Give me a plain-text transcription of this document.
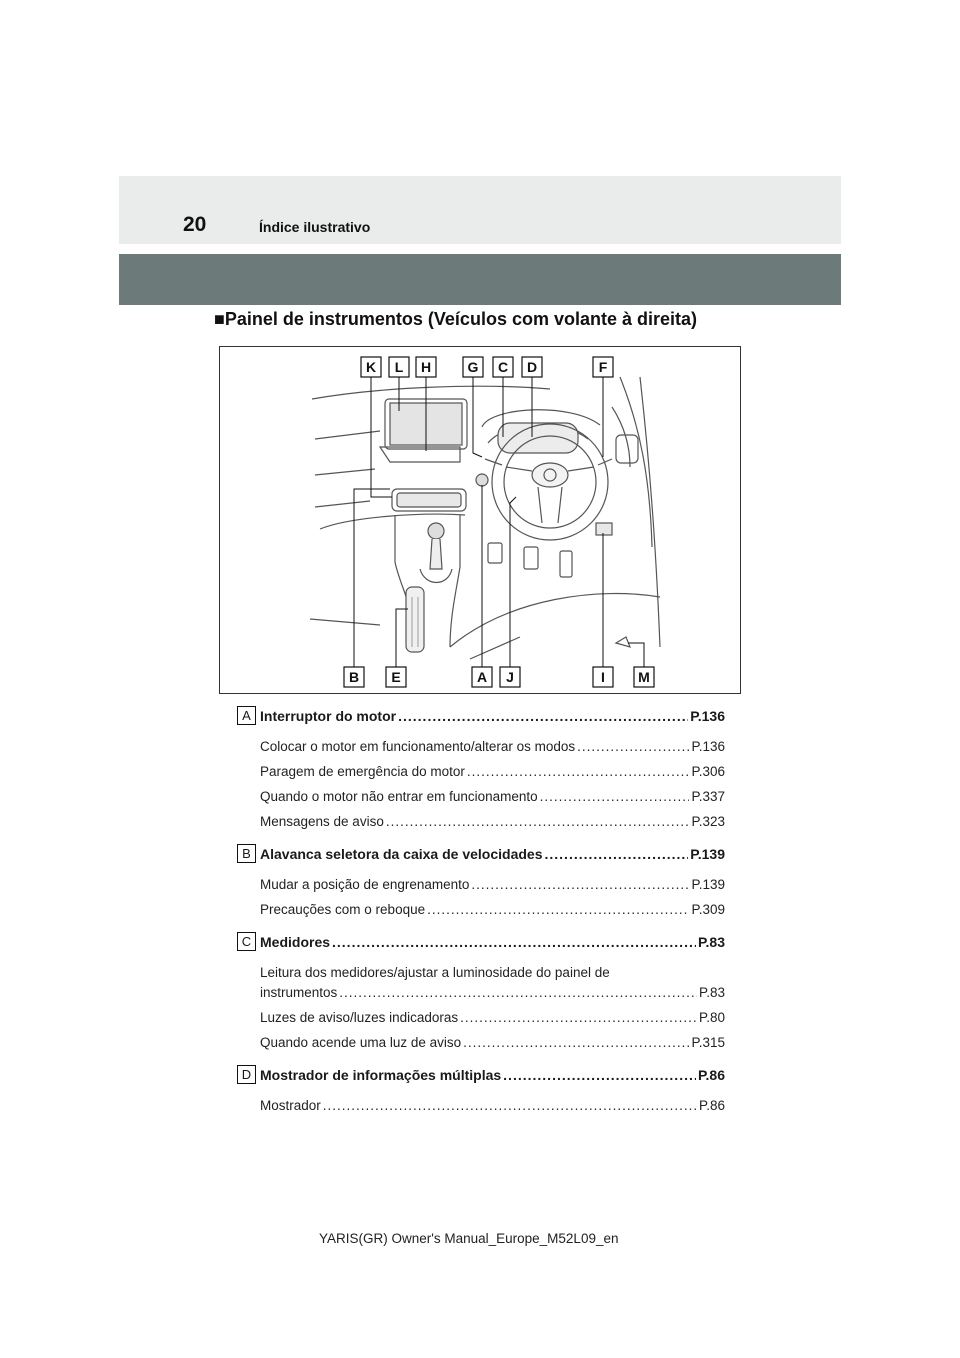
20	Índice ilustrativo
■Painel de instrumentos (Veículos com volante à direita)
K L H	G C D	F
B E	A J	I M
A Interruptor do motor .....	P.136
Colocar o motor em funcionamento/alterar os modos .....	P.136
Paragem de emergência do motor .....	P.306
Quando o motor não entrar em funcionamento .....	P.337
Mensagens de aviso .....	P.323
B Alavanca seletora da caixa de velocidades .....	P.139
Mudar a posição de engrenamento .....	P.139
Precauções com o reboque .....	P.309
C Medidores .....	P.83
Leitura dos medidores/ajustar a luminosidade do painel de
instrumentos .....	P.83
Luzes de aviso/luzes indicadoras .....	P.80
Quando acende uma luz de aviso .....	P.315
D Mostrador de informações múltiplas .....	P.86
Mostrador .....	P.86
YARIS(GR) Owner's Manual_Europe_M52L09_en
